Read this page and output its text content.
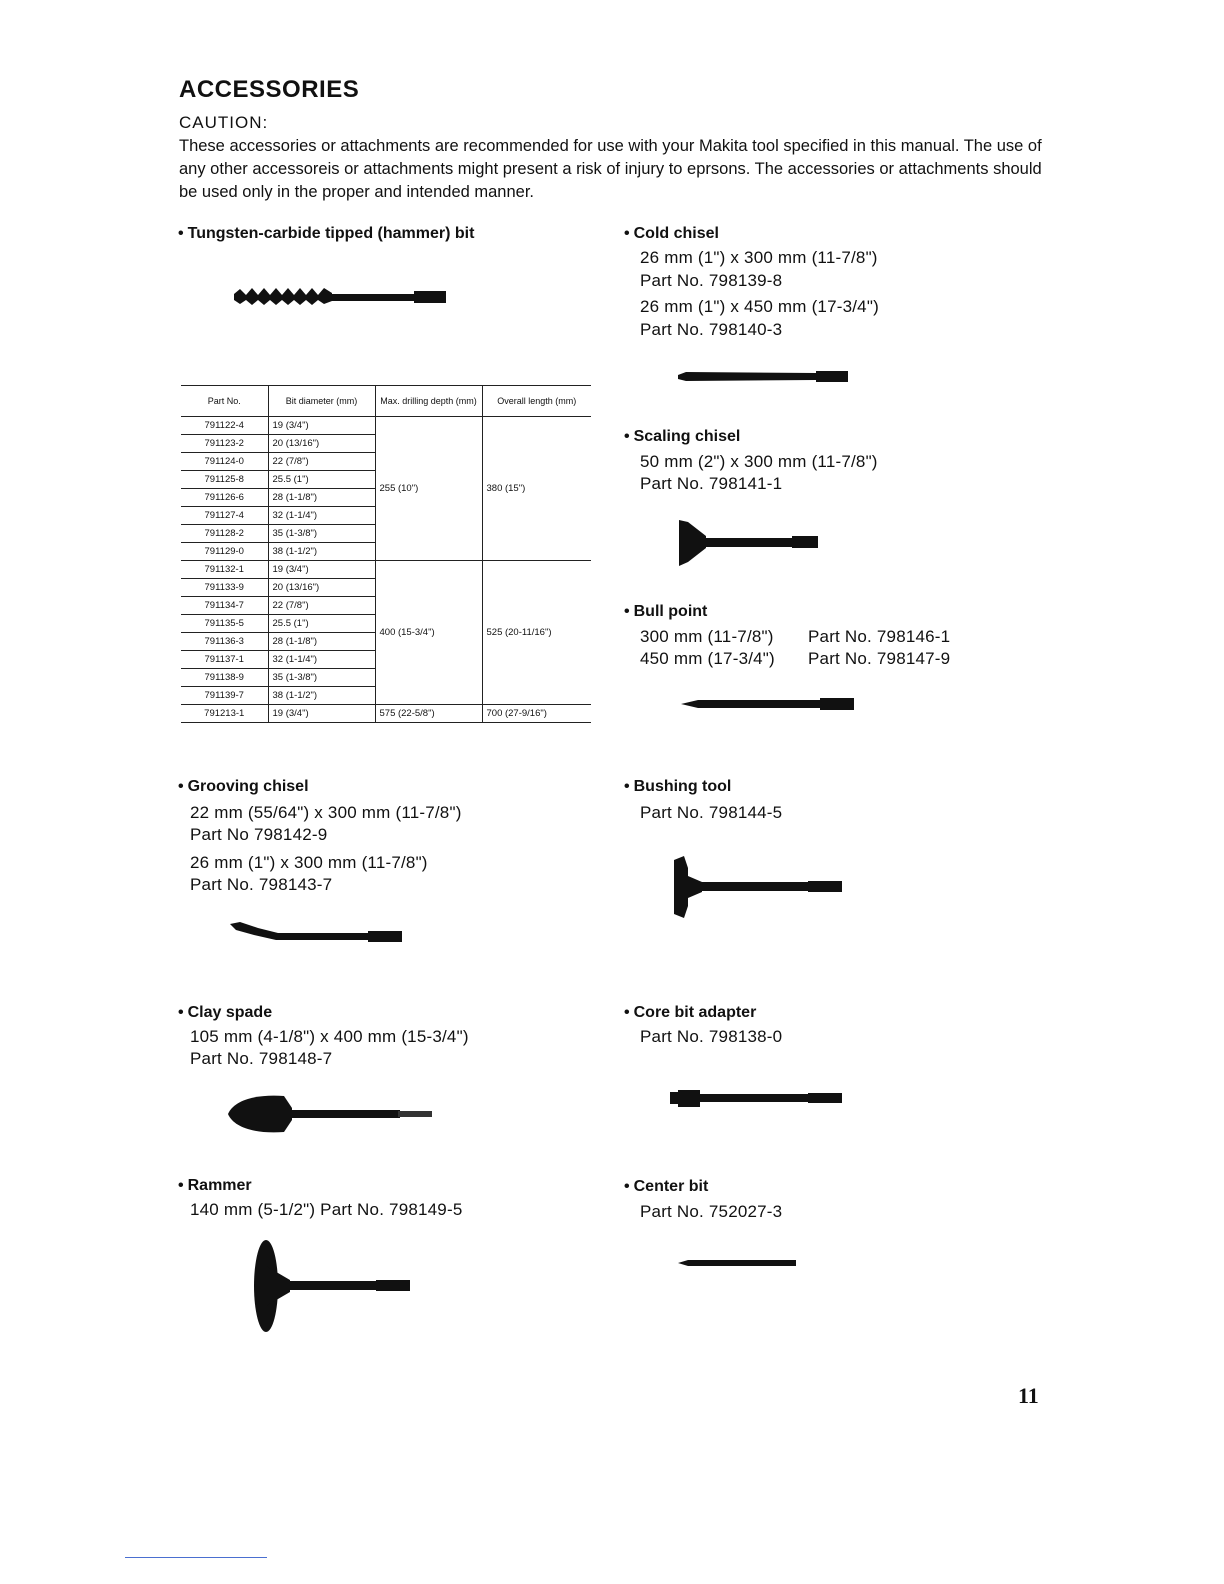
ACCESSORIES
CAUTION:
These accessories or attachments are recommended for use with your Makita tool specified in this manual. The use of any other accessoreis or attachments might present a risk of injury to eprsons. The accessories or attachments should be used only in the proper and intended manner.
• Tungsten-carbide tipped (hammer) bit
Part No.	Bit diameter (mm)	Max. drilling depth (mm)	Overall length (mm)
791122-4	19 (3/4")	255 (10")	380 (15")
791123-2	20 (13/16")		
791124-0	22 (7/8")		
791125-8	25.5 (1")		
791126-6	28 (1-1/8")		
791127-4	32 (1-1/4")		
791128-2	35 (1-3/8")		
791129-0	38 (1-1/2")		
791132-1	19 (3/4")	400 (15-3/4")	525 (20-11/16")
791133-9	20 (13/16")		
791134-7	22 (7/8")		
791135-5	25.5 (1")		
791136-3	28 (1-1/8")		
791137-1	32 (1-1/4")		
791138-9	35 (1-3/8")		
791139-7	38 (1-1/2")		
791213-1	19 (3/4")	575 (22-5/8")	700 (27-9/16")
• Cold chisel
26 mm (1") x 300 mm (11-7/8")
Part No. 798139-8
26 mm (1") x 450 mm (17-3/4")
Part No. 798140-3
• Scaling chisel
50 mm (2") x 300 mm (11-7/8")
Part No. 798141-1
• Bull point
300 mm (11-7/8") Part No. 798146-1
450 mm (17-3/4") Part No. 798147-9
• Grooving chisel
22 mm (55/64") x 300 mm (11-7/8")
Part No 798142-9
26 mm (1") x 300 mm (11-7/8")
Part No. 798143-7
• Clay spade
105 mm (4-1/8") x 400 mm (15-3/4")
Part No. 798148-7
• Rammer
140 mm (5-1/2") Part No. 798149-5
• Bushing tool
Part No. 798144-5
• Core bit adapter
Part No. 798138-0
• Center bit
Part No. 752027-3
11
